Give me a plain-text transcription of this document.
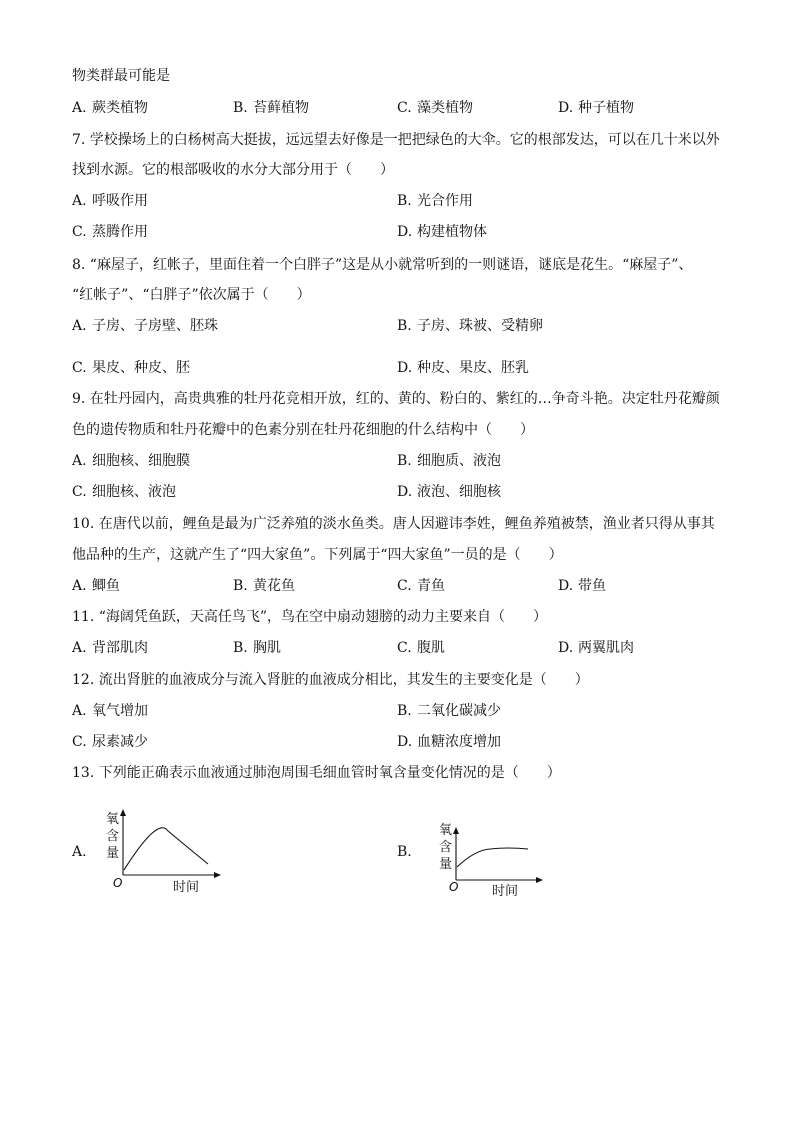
物类群最可能是
A. 蕨类植物	B. 苔藓植物	C. 藻类植物	D. 种子植物
7. 学校操场上的白杨树高大挺拔，远远望去好像是一把把绿色的大伞。它的根部发达，可以在几十米以外
找到水源。它的根部吸收的水分大部分用于（　　）
A. 呼吸作用	B. 光合作用
C. 蒸腾作用	D. 构建植物体
8. “麻屋子，红帐子，里面住着一个白胖子”这是从小就常听到的一则谜语，谜底是花生。“麻屋子”、
“红帐子”、“白胖子”依次属于（　　）
A. 子房、子房壁、胚珠	B. 子房、珠被、受精卵
C. 果皮、种皮、胚	D. 种皮、果皮、胚乳
9. 在牡丹园内，高贵典雅的牡丹花竞相开放，红的、黄的、粉白的、紫红的…争奇斗艳。决定牡丹花瓣颜
色的遗传物质和牡丹花瓣中的色素分别在牡丹花细胞的什么结构中（　　）
A. 细胞核、细胞膜	B. 细胞质、液泡
C. 细胞核、液泡	D. 液泡、细胞核
10. 在唐代以前，鲤鱼是最为广泛养殖的淡水鱼类。唐人因避讳李姓，鲤鱼养殖被禁，渔业者只得从事其
他品种的生产，这就产生了“四大家鱼”。下列属于“四大家鱼”一员的是（　　）
A. 鲫鱼	B. 黄花鱼	C. 青鱼	D. 带鱼
11. “海阔凭鱼跃，天高任鸟飞”，鸟在空中扇动翅膀的动力主要来自（　　）
A. 背部肌肉	B. 胸肌	C. 腹肌	D. 两翼肌肉
12. 流出肾脏的血液成分与流入肾脏的血液成分相比，其发生的主要变化是（　　）
A. 氧气增加	B. 二氧化碳减少
C. 尿素减少	D. 血糖浓度增加
13. 下列能正确表示血液通过肺泡周围毛细血管时氧含量变化情况的是（　　）
A.
氧
含
量
O	时间
B.
氧
含
量
O	时间
